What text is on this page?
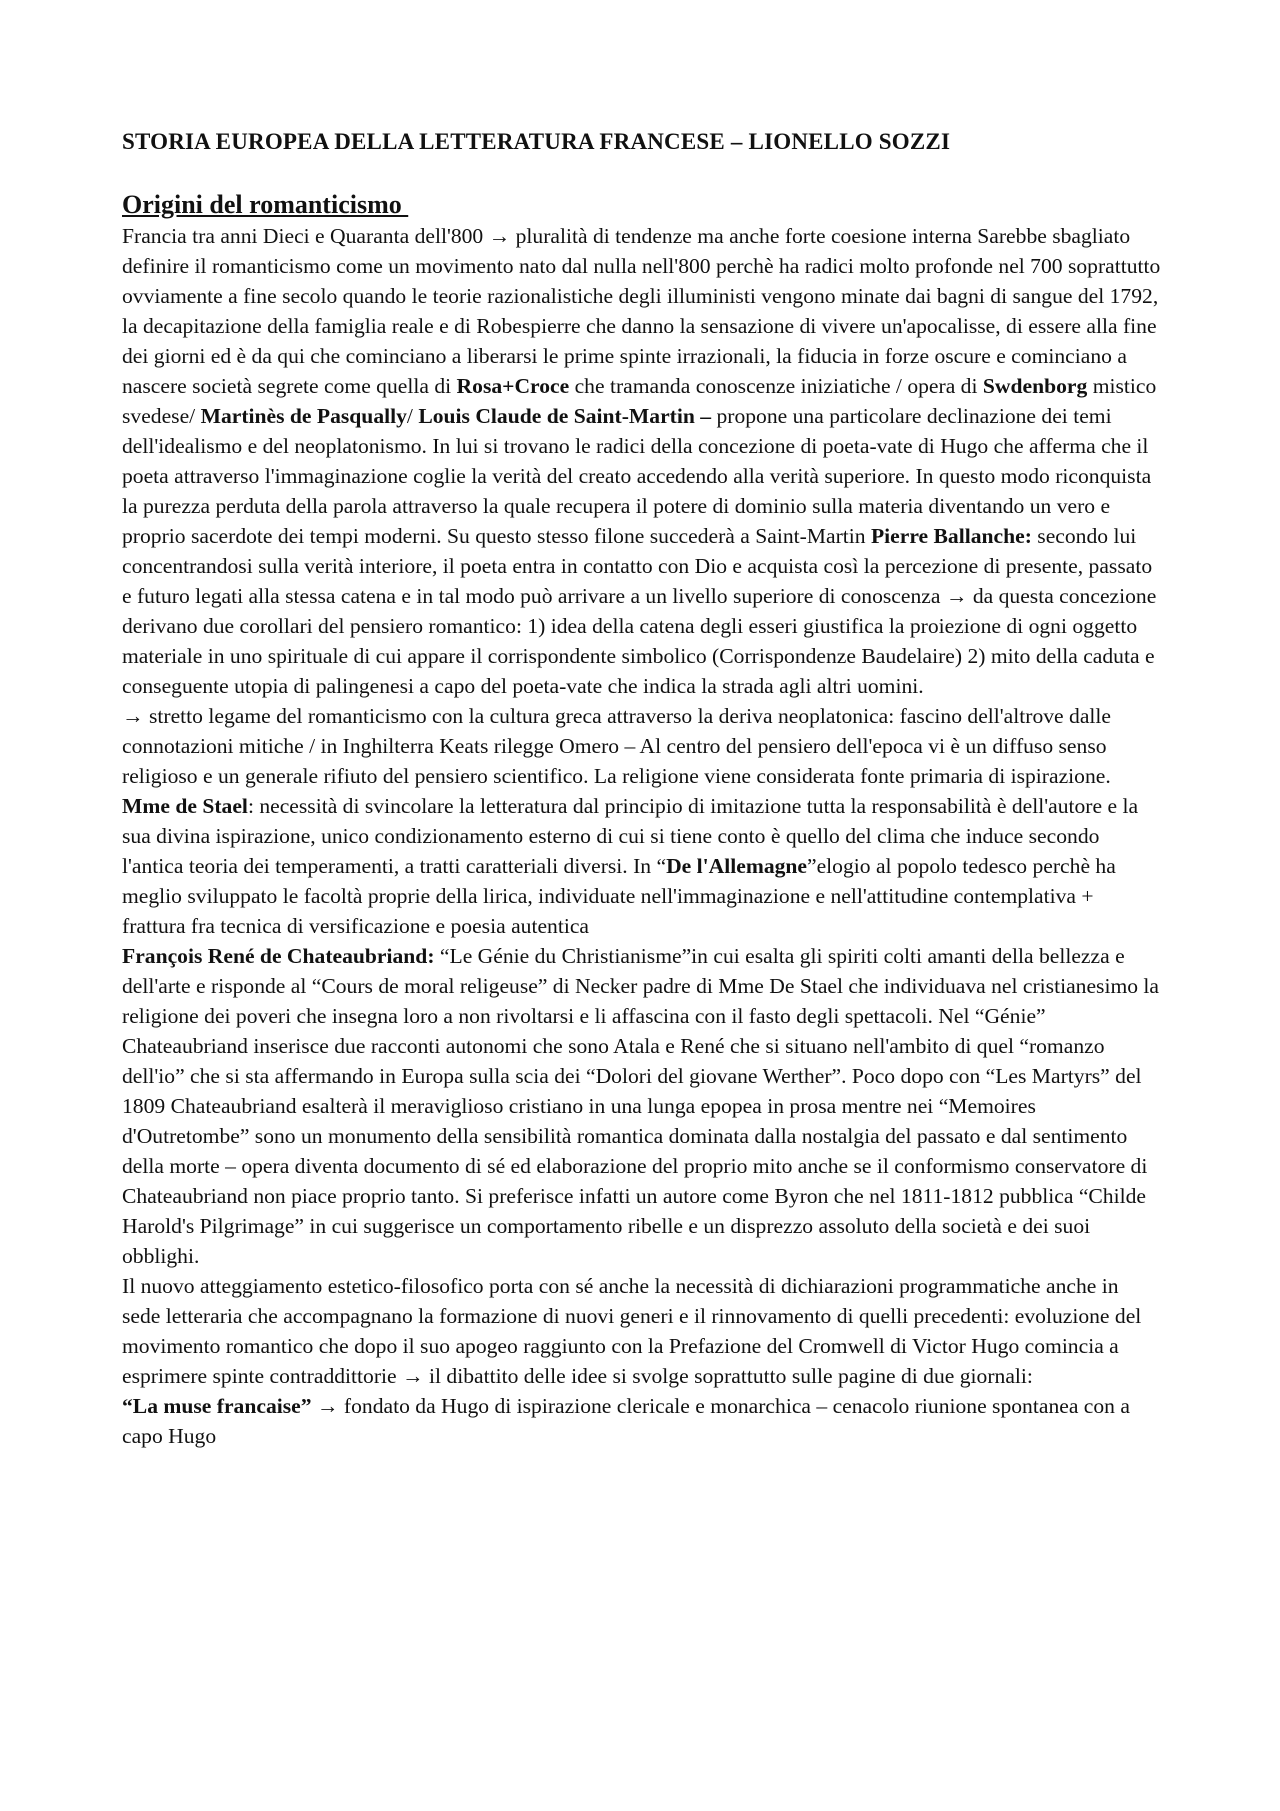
STORIA EUROPEA DELLA LETTERATURA FRANCESE – LIONELLO SOZZI
Origini del romanticismo

Francia tra anni Dieci e Quaranta dell'800 → pluralità di tendenze ma anche forte coesione interna Sarebbe sbagliato definire il romanticismo come un movimento nato dal nulla nell'800 perchè ha radici molto profonde nel 700 soprattutto ovviamente a fine secolo quando le teorie razionalistiche degli illuministi vengono minate dai bagni di sangue del 1792, la decapitazione della famiglia reale e di Robespierre che danno la sensazione di vivere un'apocalisse, di essere alla fine dei giorni ed è da qui che cominciano a liberarsi le prime spinte irrazionali, la fiducia in forze oscure e cominciano a nascere società segrete come quella di Rosa+Croce che tramanda conoscenze iniziatiche / opera di Swdenborg mistico svedese/ Martinès de Pasqually/ Louis Claude de Saint-Martin – propone una particolare declinazione dei temi dell'idealismo e del neoplatonismo. In lui si trovano le radici della concezione di poeta-vate di Hugo che afferma che il poeta attraverso l'immaginazione coglie la verità del creato accedendo alla verità superiore. In questo modo riconquista la purezza perduta della parola attraverso la quale recupera il potere di dominio sulla materia diventando un vero e proprio sacerdote dei tempi moderni. Su questo stesso filone succederà a Saint-Martin Pierre Ballanche: secondo lui concentrandosi sulla verità interiore, il poeta entra in contatto con Dio e acquista così la percezione di presente, passato e futuro legati alla stessa catena e in tal modo può arrivare a un livello superiore di conoscenza → da questa concezione derivano due corollari del pensiero romantico: 1) idea della catena degli esseri giustifica la proiezione di ogni oggetto materiale in uno spirituale di cui appare il corrispondente simbolico (Corrispondenze Baudelaire) 2) mito della caduta e conseguente utopia di palingenesi a capo del poeta-vate che indica la strada agli altri uomini.

→ stretto legame del romanticismo con la cultura greca attraverso la deriva neoplatonica: fascino dell'altrove dalle connotazioni mitiche / in Inghilterra Keats rilegge Omero – Al centro del pensiero dell'epoca vi è un diffuso senso religioso e un generale rifiuto del pensiero scientifico. La religione viene considerata fonte primaria di ispirazione.

Mme de Stael: necessità di svincolare la letteratura dal principio di imitazione tutta la responsabilità è dell'autore e la sua divina ispirazione, unico condizionamento esterno di cui si tiene conto è quello del clima che induce secondo l'antica teoria dei temperamenti, a tratti caratteriali diversi. In “De l'Allemagne”elogio al popolo tedesco perchè ha meglio sviluppato le facoltà proprie della lirica, individuate nell'immaginazione e nell'attitudine contemplativa + frattura fra tecnica di versificazione e poesia autentica

François René de Chateaubriand: “Le Génie du Christianisme”in cui esalta gli spiriti colti amanti della bellezza e dell'arte e risponde al “Cours de moral religeuse” di Necker padre di Mme De Stael che individuava nel cristianesimo la religione dei poveri che insegna loro a non rivoltarsi e li affascina con il fasto degli spettacoli. Nel “Génie” Chateaubriand inserisce due racconti autonomi che sono Atala e René che si situano nell'ambito di quel “romanzo dell'io” che si sta affermando in Europa sulla scia dei “Dolori del giovane Werther”. Poco dopo con “Les Martyrs” del 1809 Chateaubriand esalterà il meraviglioso cristiano in una lunga epopea in prosa mentre nei “Memoires d'Outretombe” sono un monumento della sensibilità romantica dominata dalla nostalgia del passato e dal sentimento della morte – opera diventa documento di sé ed elaborazione del proprio mito anche se il conformismo conservatore di Chateaubriand non piace proprio tanto. Si preferisce infatti un autore come Byron che nel 1811-1812 pubblica “Childe Harold's Pilgrimage” in cui suggerisce un comportamento ribelle e un disprezzo assoluto della società e dei suoi obblighi.

Il nuovo atteggiamento estetico-filosofico porta con sé anche la necessità di dichiarazioni programmatiche anche in sede letteraria che accompagnano la formazione di nuovi generi e il rinnovamento di quelli precedenti: evoluzione del movimento romantico che dopo il suo apogeo raggiunto con la Prefazione del Cromwell di Victor Hugo comincia a esprimere spinte contraddittorie → il dibattito delle idee si svolge soprattutto sulle pagine di due giornali:

“La muse francaise” → fondato da Hugo di ispirazione clericale e monarchica – cenacolo riunione spontanea con a capo Hugo
